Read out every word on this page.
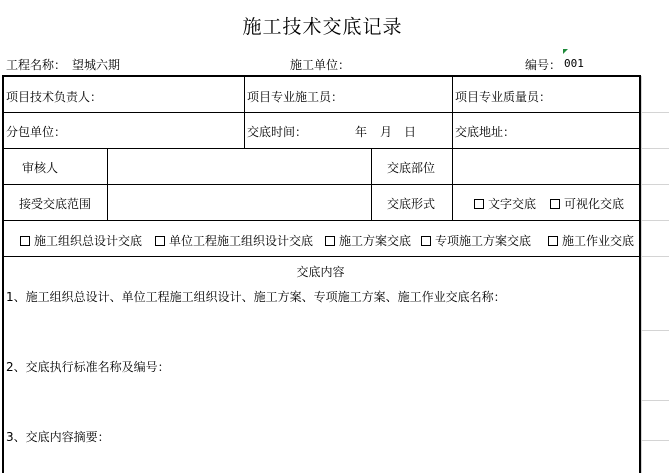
施工技术交底记录
工程名称： 望城六期	施工单位：	编号： 001
项目技术负责人：	项目专业施工员：	项目专业质量员：
分包单位：	交底时间：	年 月 日	交底地址：
审核人	交底部位
接受交底范围	交底形式	文字交底	可视化交底
施工组织总设计交底	单位工程施工组织设计交底	施工方案交底	专项施工方案交底	施工作业交底
交底内容
1、施工组织总设计、单位工程施工组织设计、施工方案、专项施工方案、施工作业交底名称：
2、交底执行标准名称及编号：
3、交底内容摘要：
